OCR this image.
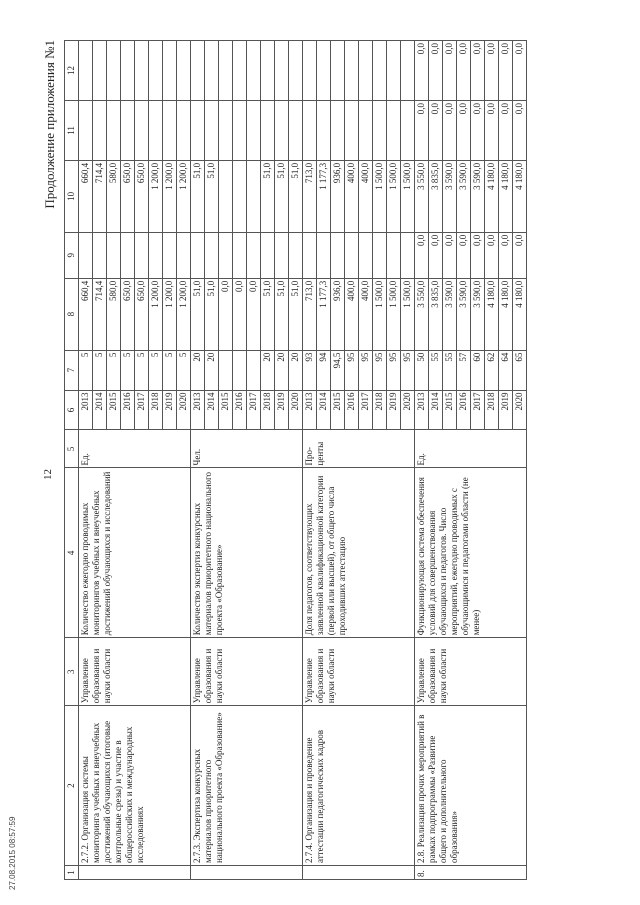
12
Продолжение приложения №1
1	2	3	4	5	6	7	8	9	10	11	12
	2.7.2. Организация системы мониторинга учебных и внеучебных достижений обучающихся (итоговые контрольные срезы) и участие в общероссийских и международных исследованиях	Управление образования и науки области	Количество ежегодно проводимых мониторингов учебных и внеучебных достижений обучающихся и исследований	Ед.	2013	5	660,4		660,4		
					2014	5	714,4		714,4		
					2015	5	580,0		580,0		
					2016	5	650,0		650,0		
					2017	5	650,0		650,0		
					2018	5	1 200,0		1 200,0		
					2019	5	1 200,0		1 200,0		
					2020	5	1 200,0		1 200,0		
	2.7.3. Экспертиза конкурсных материалов приоритетного национального проекта «Образование»	Управление образования и науки области	Количество экспертиз конкурсных материалов приоритетного национального проекта «Образование»	Чел.	2013	20	51,0		51,0		
					2014	20	51,0		51,0		
					2015		0,0				
					2016		0,0				
					2017		0,0				
					2018	20	51,0		51,0		
					2019	20	51,0		51,0		
					2020	20	51,0		51,0		
	2.7.4. Организация и проведение аттестации педагогических кадров	Управление образования и науки области	Доля педагогов, соответствующих заявленной квалификационной категории (первой или высшей), от общего числа проходивших аттестацию	Про-центы	2013	93	713,0		713,0		
					2014	94	1 177,3		1 177,3		
					2015	94,5	936,0		936,0		
					2016	95	400,0		400,0		
					2017	95	400,0		400,0		
					2018	95	1 500,0		1 500,0		
					2019	95	1 500,0		1 500,0		
					2020	95	1 500,0		1 500,0		
8.	2.8. Реализация прочих мероприятий в рамках подпрограммы «Развитие общего и дополнительного образования»	Управление образования и науки области	Функционирующая система обеспечения условий для совершенствования обучающихся и педагогов. Число мероприятий, ежегодно проводимых с обучающимися и педагогами области (не менее)	Ед.	2013	50	3 550,0	0,0	3 550,0	0,0	0,0
					2014	55	3 835,0	0,0	3 835,0	0,0	0,0
					2015	55	3 590,0	0,0	3 590,0	0,0	0,0
					2016	57	3 590,0	0,0	3 590,0	0,0	0,0
					2017	60	3 590,0	0,0	3 590,0	0,0	0,0
					2018	62	4 180,0	0,0	4 180,0	0,0	0,0
					2019	64	4 180,0	0,0	4 180,0	0,0	0,0
					2020	65	4 180,0	0,0	4 180,0	0,0	0,0
27.08.2015 08:57:59
